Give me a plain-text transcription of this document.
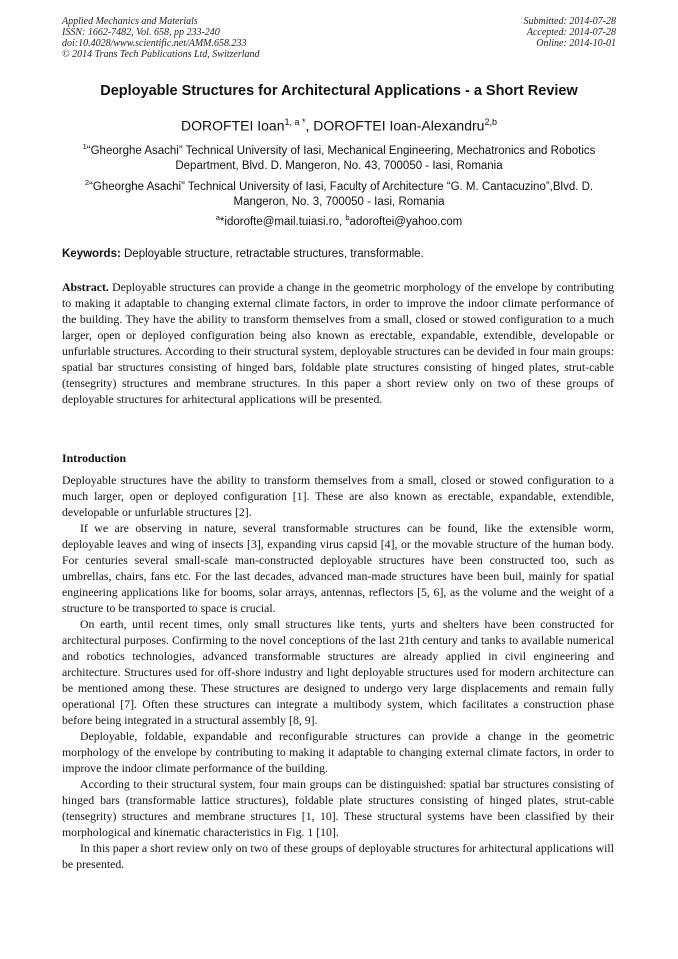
Applied Mechanics and Materials
ISSN: 1662-7482, Vol. 658, pp 233-240
doi:10.4028/www.scientific.net/AMM.658.233
© 2014 Trans Tech Publications Ltd, Switzerland
Submitted: 2014-07-28
Accepted: 2014-07-28
Online: 2014-10-01
Deployable Structures for Architectural Applications - a Short Review
DOROFTEI Ioan$^{1, a *}$, DOROFTEI Ioan-Alexandru$^{2,b}$
$^1$“Gheorghe Asachi” Technical University of Iasi, Mechanical Engineering, Mechatronics and Robotics Department, Blvd. D. Mangeron, No. 43, 700050 - Iasi, Romania
$^2$“Gheorghe Asachi” Technical University of Iasi, Faculty of Architecture “G. M. Cantacuzino”,Blvd. D. Mangeron, No. 3, 700050 - Iasi, Romania
$^a$*idorofte@mail.tuiasi.ro, $^b$adoroftei@yahoo.com
Keywords: Deployable structure, retractable structures, transformable.

Abstract. Deployable structures can provide a change in the geometric morphology of the envelope by contributing to making it adaptable to changing external climate factors, in order to improve the indoor climate performance of the building. They have the ability to transform themselves from a small, closed or stowed configuration to a much larger, open or deployed configuration being also known as erectable, expandable, extendible, developable or unfurlable structures. According to their structural system, deployable structures can be devided in four main groups: spatial bar structures consisting of hinged bars, foldable plate structures consisting of hinged plates, strut-cable (tensegrity) structures and membrane structures. In this paper a short review only on two of these groups of deployable structures for arhitectural applications will be presented.

Introduction

Deployable structures have the ability to transform themselves from a small, closed or stowed configuration to a much larger, open or deployed configuration [1]. These are also known as erectable, expandable, extendible, developable or unfurlable structures [2].

If we are observing in nature, several transformable structures can be found, like the extensible worm, deployable leaves and wing of insects [3], expanding virus capsid [4], or the movable structure of the human body. For centuries several small-scale man-constructed deployable structures have been constructed too, such as umbrellas, chairs, fans etc. For the last decades, advanced man-made structures have been buil, mainly for spatial engineering applications like for booms, solar arrays, antennas, reflectors [5, 6], as the volume and the weight of a structure to be transported to space is crucial.

On earth, until recent times, only small structures like tents, yurts and shelters have been constructed for architectural purposes. Confirming to the novel conceptions of the last 21th century and tanks to available numerical and robotics technologies, advanced transformable structures are already applied in civil engineering and architecture. Structures used for off-shore industry and light deployable structures used for modern architecture can be mentioned among these. These structures are designed to undergo very large displacements and remain fully operational [7]. Often these structures can integrate a multibody system, which facilitates a construction phase before being integrated in a structural assembly [8, 9].

Deployable, foldable, expandable and reconfigurable structures can provide a change in the geometric morphology of the envelope by contributing to making it adaptable to changing external climate factors, in order to improve the indoor climate performance of the building.

According to their structural system, four main groups can be distinguished: spatial bar structures consisting of hinged bars (transformable lattice structures), foldable plate structures consisting of hinged plates, strut-cable (tensegrity) structures and membrane structures [1, 10]. These structural systems have been classified by their morphological and kinematic characteristics in Fig. 1 [10].

In this paper a short review only on two of these groups of deployable structures for arhitectural applications will be presented.
